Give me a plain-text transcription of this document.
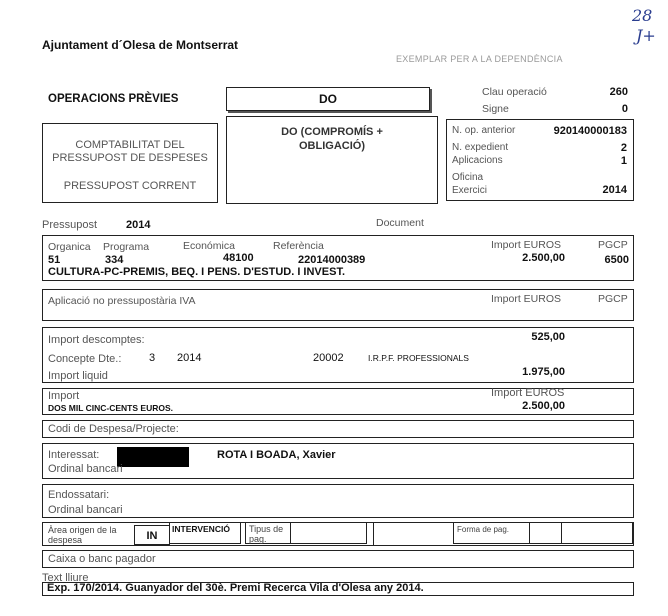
28
J+
Ajuntament d´Olesa de Montserrat
EXEMPLAR PER A LA DEPENDÈNCIA
OPERACIONS PRÈVIES	DO	Clau operació	260
Signe	0
COMPTABILITAT DEL
PRESSUPOST DE DESPESES
PRESSUPOST CORRENT
DO (COMPROMÍS +
OBLIGACIÓ)
N. op. anterior	920140000183
N. expedient	2
Aplicacions	1
Oficina
Exercici	2014
Pressupost	2014	Document
Organica Programa	Económica	Referència	Import EUROS	PGCP
51	334	48100	22014000389	2.500,00	6500
CULTURA-PC-PREMIS, BEQ. I PENS. D'ESTUD. I INVEST.
Aplicació no pressupostària IVA	Import EUROS	PGCP
Import descomptes:	525,00
Concepte Dte.:	3 2014	20002	I.R.P.F. PROFESSIONALS
Import liquid	1.975,00
Import	Import EUROS
DOS MIL CINC-CENTS EUROS.	2.500,00
Codi de Despesa/Projecte:
Interessat:	ROTA I BOADA, Xavier
Ordinal bancari
Endossatari:
Ordinal bancari
Àrea origen de la
despesa	IN
INTERVENCIÓ Tipus de
pag.
Forma de pag.
Caixa o banc pagador
Text lliure
Exp. 170/2014. Guanyador del 30è. Premi Recerca Vila d'Olesa any 2014.
